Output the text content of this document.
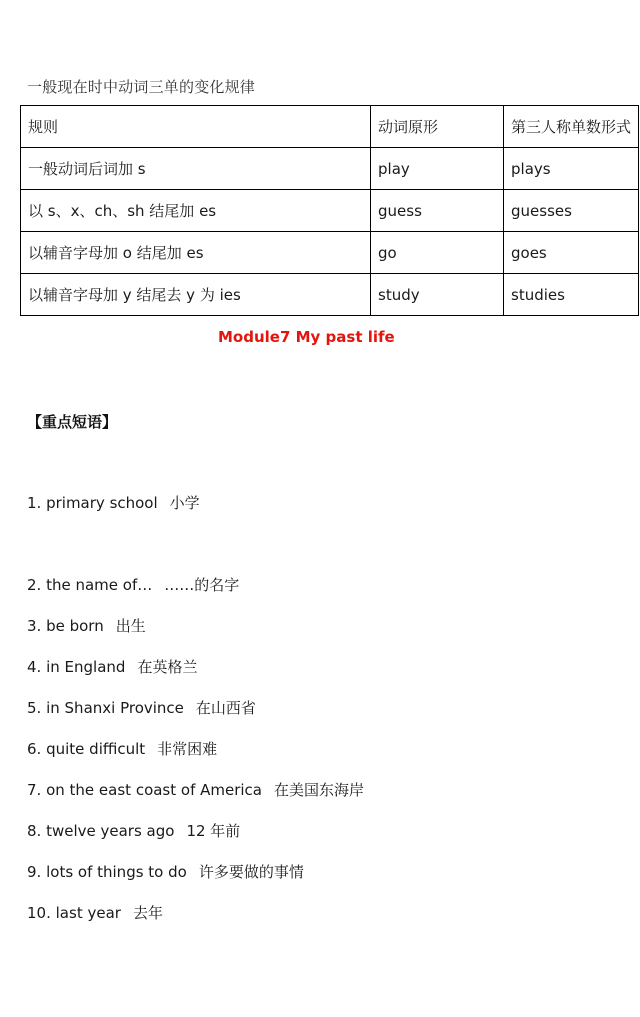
一般现在时中动词三单的变化规律
规则	动词原形	第三人称单数形式
一般动词后词加 s	play	plays
以 s、x、ch、sh 结尾加 es	guess	guesses
以辅音字母加 o 结尾加 es	go	goes
以辅音字母加 y 结尾去 y 为 ies	study	studies
Module7 My past life
【重点短语】
1. primary school 小学
2. the name of… ……的名字
3. be born 出生
4. in England 在英格兰
5. in Shanxi Province 在山西省
6. quite difficult 非常困难
7. on the east coast of America 在美国东海岸
8. twelve years ago 12 年前
9. lots of things to do 许多要做的事情
10. last year 去年
